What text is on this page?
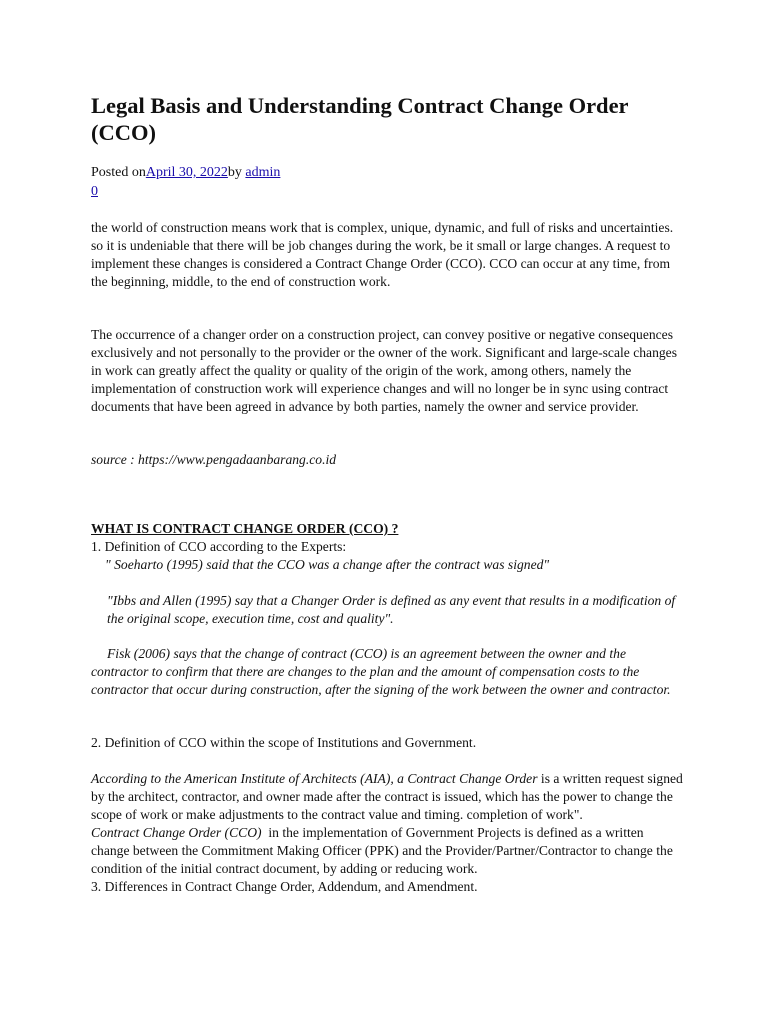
Legal Basis and Understanding Contract Change Order (CCO)
Posted onApril 30, 2022by admin
0

the world of construction means work that is complex, unique, dynamic, and full of risks and uncertainties. so it is undeniable that there will be job changes during the work, be it small or large changes. A request to implement these changes is considered a Contract Change Order (CCO). CCO can occur at any time, from the beginning, middle, to the end of construction work.

The occurrence of a changer order on a construction project, can convey positive or negative consequences exclusively and not personally to the provider or the owner of the work. Significant and large-scale changes in work can greatly affect the quality or quality of the origin of the work, among others, namely the implementation of construction work will experience changes and will no longer be in sync using contract documents that have been agreed in advance by both parties, namely the owner and service provider.

source : https://www.pengadaanbarang.co.id

WHAT IS CONTRACT CHANGE ORDER (CCO) ?

1. Definition of CCO according to the Experts:

" Soeharto (1995) said that the CCO was a change after the contract was signed"

"Ibbs and Allen (1995) say that a Changer Order is defined as any event that results in a modification of the original scope, execution time, cost and quality".

Fisk (2006) says that the change of contract (CCO) is an agreement between the owner and the contractor to confirm that there are changes to the plan and the amount of compensation costs to the contractor that occur during construction, after the signing of the work between the owner and contractor.

2. Definition of CCO within the scope of Institutions and Government.

According to the American Institute of Architects (AIA), a Contract Change Order is a written request signed by the architect, contractor, and owner made after the contract is issued, which has the power to change the scope of work or make adjustments to the contract value and timing. completion of work".

Contract Change Order (CCO)  in the implementation of Government Projects is defined as a written change between the Commitment Making Officer (PPK) and the Provider/Partner/Contractor to change the condition of the initial contract document, by adding or reducing work.

3. Differences in Contract Change Order, Addendum, and Amendment.
